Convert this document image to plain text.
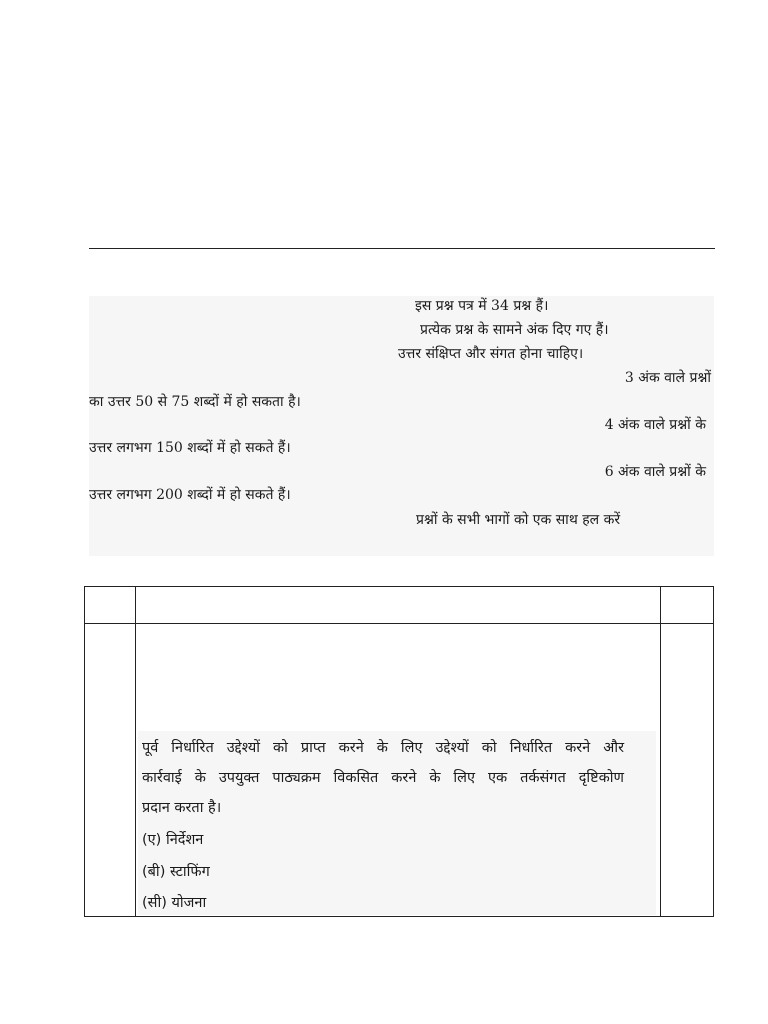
इस प्रश्न पत्र में 34 प्रश्न हैं।
प्रत्येक प्रश्न के सामने अंक दिए गए हैं।
उत्तर संक्षिप्त और संगत होना चाहिए।
3 अंक वाले प्रश्नों
का उत्तर 50 से 75 शब्दों में हो सकता है।
4 अंक वाले प्रश्नों के
उत्तर लगभग 150 शब्दों में हो सकते हैं।
6 अंक वाले प्रश्नों के
उत्तर लगभग 200 शब्दों में हो सकते हैं।
प्रश्नों के सभी भागों को एक साथ हल करें
पूर्व निर्धारित उद्देश्यों को प्राप्त करने के लिए उद्देश्यों को निर्धारित करने और
कार्रवाई के उपयुक्त पाठ्यक्रम विकसित करने के लिए एक तर्कसंगत दृष्टिकोण
प्रदान करता है।
(ए) निर्देशन
(बी) स्टाफिंग
(सी) योजना
